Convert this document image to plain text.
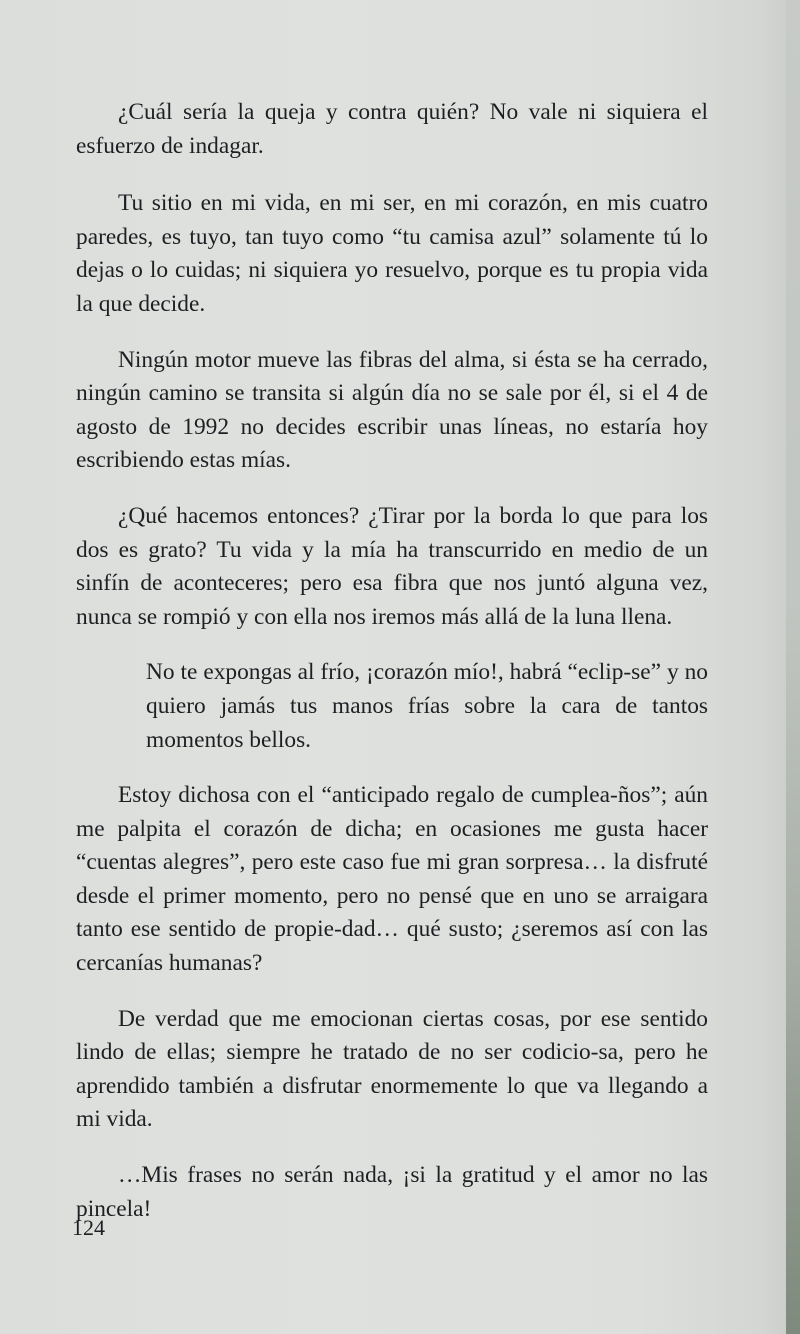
¿Cuál sería la queja y contra quién? No vale ni siquiera el esfuerzo de indagar.

Tu sitio en mi vida, en mi ser, en mi corazón, en mis cuatro paredes, es tuyo, tan tuyo como “tu camisa azul” solamente tú lo dejas o lo cuidas; ni siquiera yo resuelvo, porque es tu propia vida la que decide.

Ningún motor mueve las fibras del alma, si ésta se ha cerrado, ningún camino se transita si algún día no se sale por él, si el 4 de agosto de 1992 no decides escribir unas líneas, no estaría hoy escribiendo estas mías.

¿Qué hacemos entonces? ¿Tirar por la borda lo que para los dos es grato? Tu vida y la mía ha transcurrido en medio de un sinfín de aconteceres; pero esa fibra que nos juntó alguna vez, nunca se rompió y con ella nos iremos más allá de la luna llena.

No te expongas al frío, ¡corazón mío!, habrá “eclip-se” y no quiero jamás tus manos frías sobre la cara de tantos momentos bellos.

Estoy dichosa con el “anticipado regalo de cumplea-ños”; aún me palpita el corazón de dicha; en ocasiones me gusta hacer “cuentas alegres”, pero este caso fue mi gran sorpresa… la disfruté desde el primer momento, pero no pensé que en uno se arraigara tanto ese sentido de propie-dad… qué susto; ¿seremos así con las cercanías humanas?

De verdad que me emocionan ciertas cosas, por ese sentido lindo de ellas; siempre he tratado de no ser codicio-sa, pero he aprendido también a disfrutar enormemente lo que va llegando a mi vida.

…Mis frases no serán nada, ¡si la gratitud y el amor no las pincela!

124
